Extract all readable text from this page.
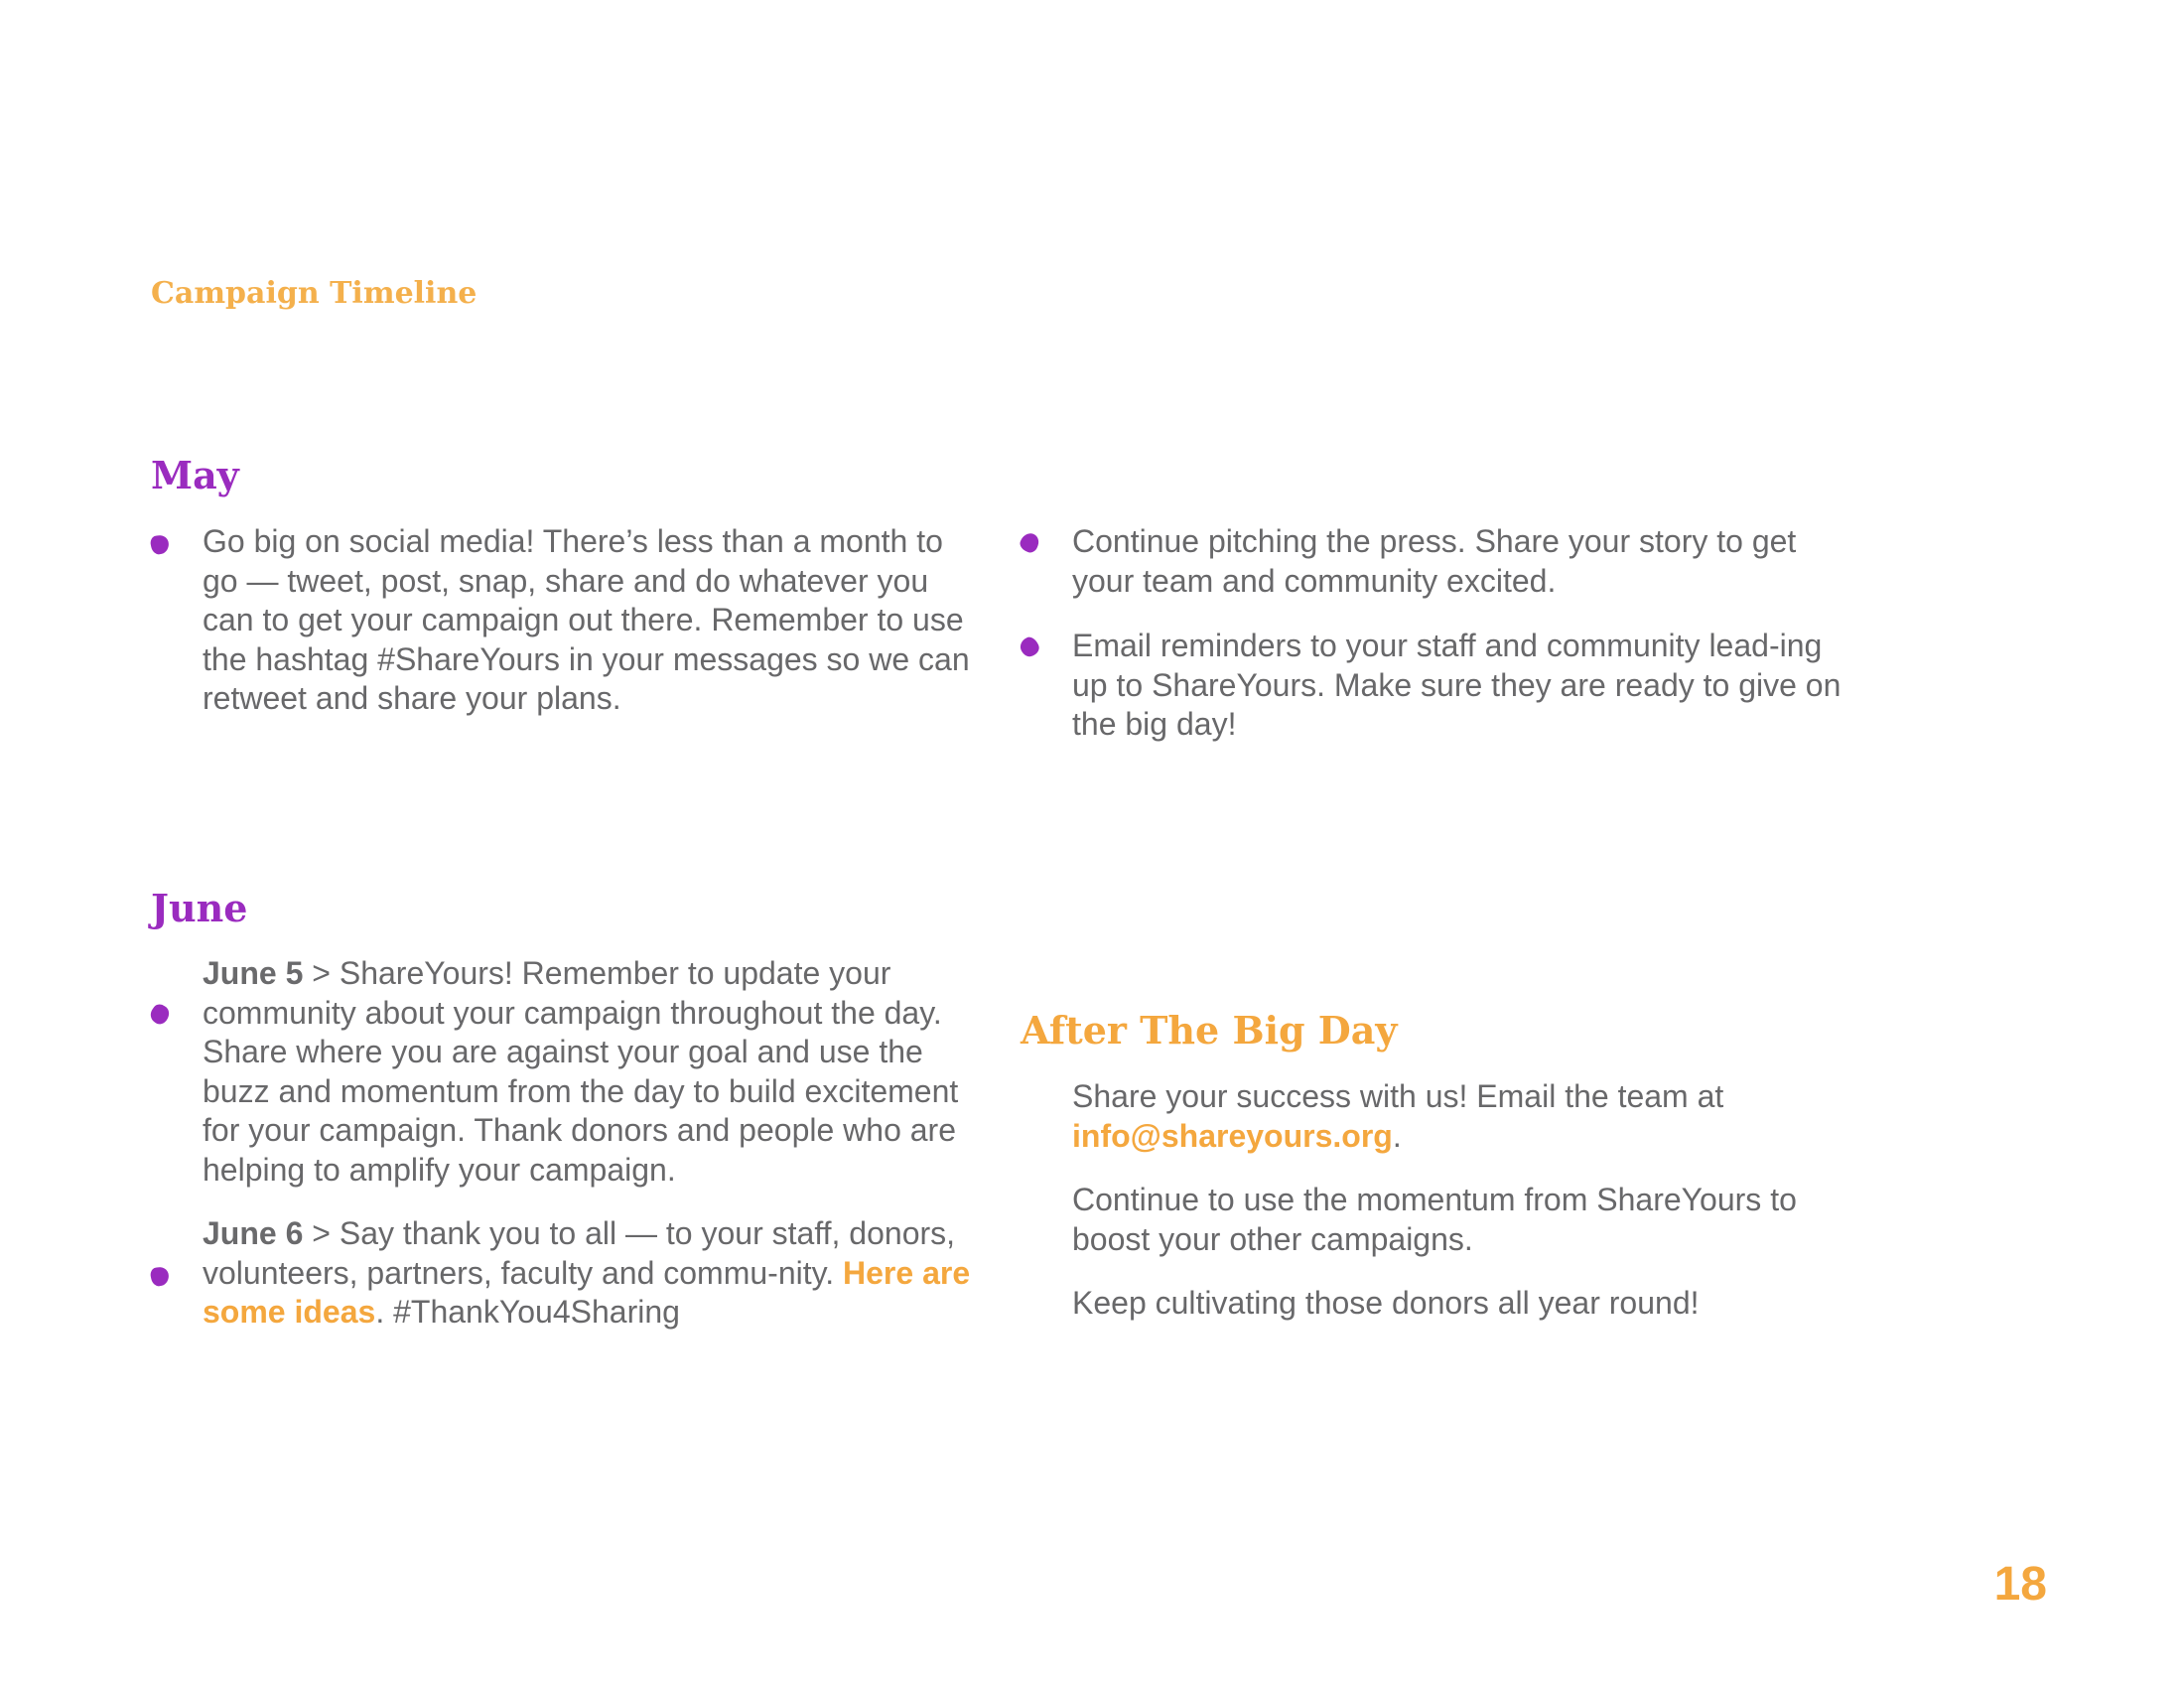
Campaign Timeline
May

Go big on social media! There’s less than a month to go — tweet, post, snap, share and do whatever you can to get your campaign out there. Remember to use the hashtag #ShareYours in your messages so we can retweet and share your plans.

Continue pitching the press. Share your story to get your team and community excited.

Email reminders to your staff and community lead-ing up to ShareYours. Make sure they are ready to give on the big day!

June

June 5 > ShareYours! Remember to update your community about your campaign throughout the day. Share where you are against your goal and use the buzz and momentum from the day to build excitement for your campaign. Thank donors and people who are helping to amplify your campaign.

June 6 > Say thank you to all — to your staff, donors, volunteers, partners, faculty and commu-nity. Here are some ideas. #ThankYou4Sharing

After The Big Day

Share your success with us! Email the team at info@shareyours.org.

Continue to use the momentum from ShareYours to boost your other campaigns.

Keep cultivating those donors all year round!

18
